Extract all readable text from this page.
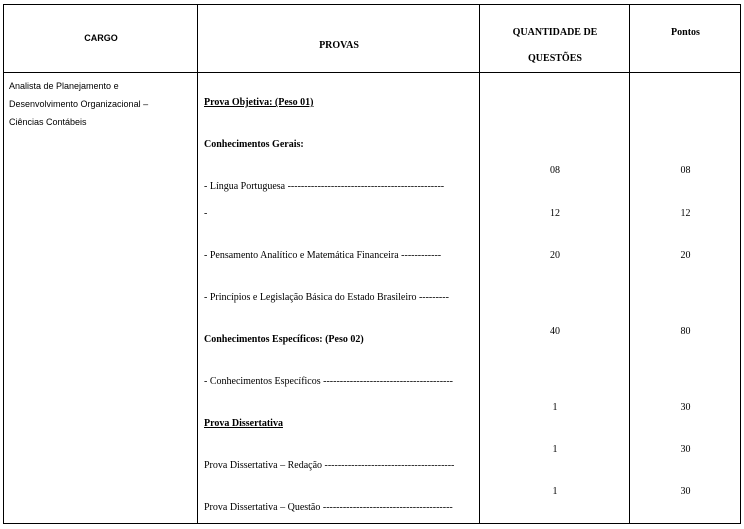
CARGO
PROVAS
QUANTIDADE DE
QUESTÕES
Pontos
Analista de Planejamento e
Desenvolvimento Organizacional –
Ciências Contábeis
Prova Objetiva: (Peso 01)
Conhecimentos Gerais:
- Língua Portuguesa -----------------------------------------------
-
- Pensamento Analítico e Matemática Financeira ------------
- Princípios e Legislação Básica do Estado Brasileiro ---------
Conhecimentos Específicos: (Peso 02)
- Conhecimentos Específicos ---------------------------------------
Prova Dissertativa
Prova Dissertativa – Redação ---------------------------------------
Prova Dissertativa – Questão ---------------------------------------
08
12
20
40
1
1
1
08
12
20
80
30
30
30
